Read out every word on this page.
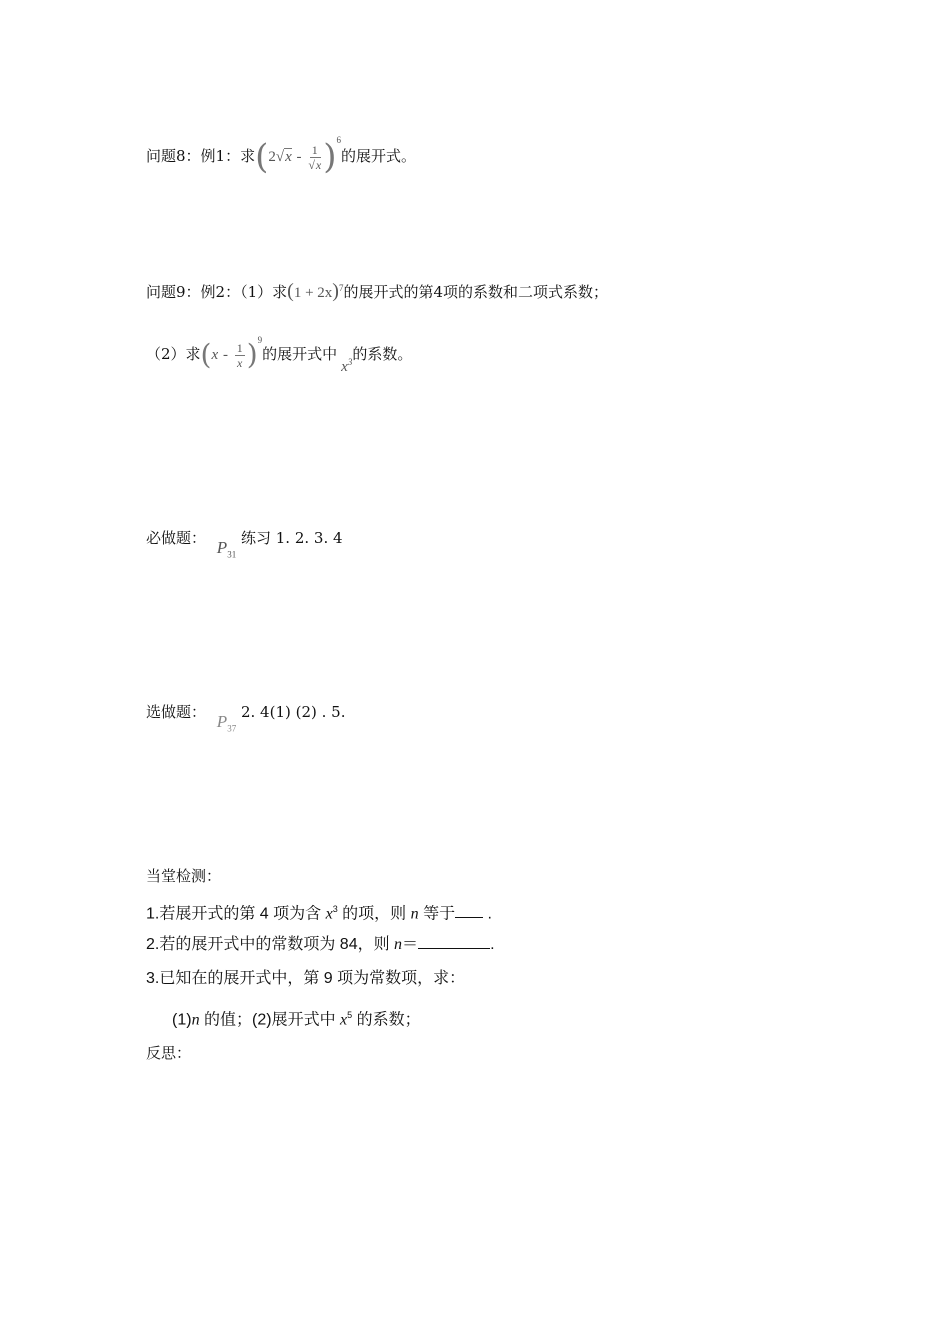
问题8：例1：求$(2√x - \frac{1}{√x} )^6$的展开式。
问题9：例2：（1）求$(1 + 2x)^7$的展开式的第4项的系数和二项式系数；
（2）求$(x - \frac{1}{x} )^9$的展开式中$x^3$的系数。
必做题： $P_{31}$ 练习 1. 2. 3. 4
选做题： $P_{37}$ 2. 4(1) (2) . 5.
当堂检测：
1.若展开式的第 4 项为含 $x^3$ 的项，则 n 等于 .
2.若的展开式中的常数项为 84，则 n＝	.
3.已知在的展开式中，第 9 项为常数项，求：
(1)n 的值；(2)展开式中 $x^5$ 的系数；
反思：
